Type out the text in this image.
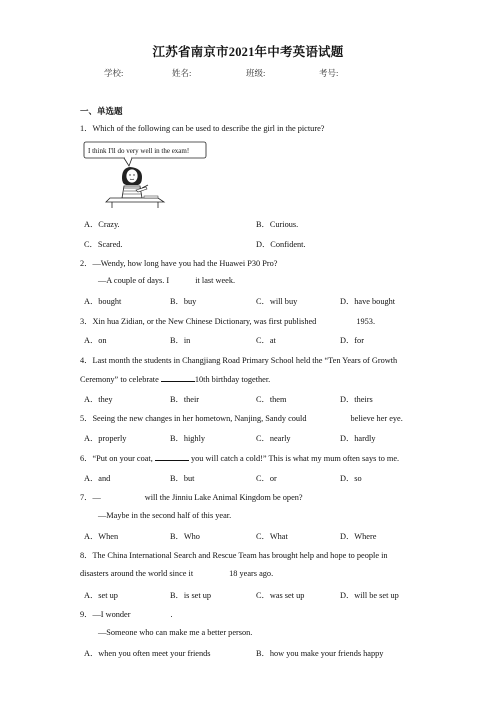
江苏省南京市2021年中考英语试题
学校:	姓名:	班级:	考号:
一、单选题
1．Which of the following can be used to describe the girl in the picture?
I think I'll do very well in the exam!
A．Crazy.	B．Curious.
C．Scared.	D．Confident.
2．—Wendy, how long have you had the Huawei P30 Pro?
—A couple of days. I	it last week.
A．bought	B．buy	C．will buy	D．have bought
3．Xin hua Zidian, or the New Chinese Dictionary, was first published	1953.
A．on	B．in	C．at	D．for
4．Last month the students in Changjiang Road Primary School held the “Ten Years of Growth
Ceremony” to celebrate	10th birthday together.
A．they	B．their	C．them	D．theirs
5．Seeing the new changes in her hometown, Nanjing, Sandy could	believe her eye.
A．properly	B．highly	C．nearly	D．hardly
6．“Put on your coat,	you will catch a cold!” This is what my mum often says to me.
A．and	B．but	C．or	D．so
7．—	will the Jinniu Lake Animal Kingdom be open?
—Maybe in the second half of this year.
A．When	B．Who	C．What	D．Where
8．The China International Search and Rescue Team has brought help and hope to people in
disasters around the world since it	18 years ago.
A．set up	B．is set up	C．was set up	D．will be set up
9．—I wonder	.
—Someone who can make me a better person.
A．when you often meet your friends	B．how you make your friends happy
